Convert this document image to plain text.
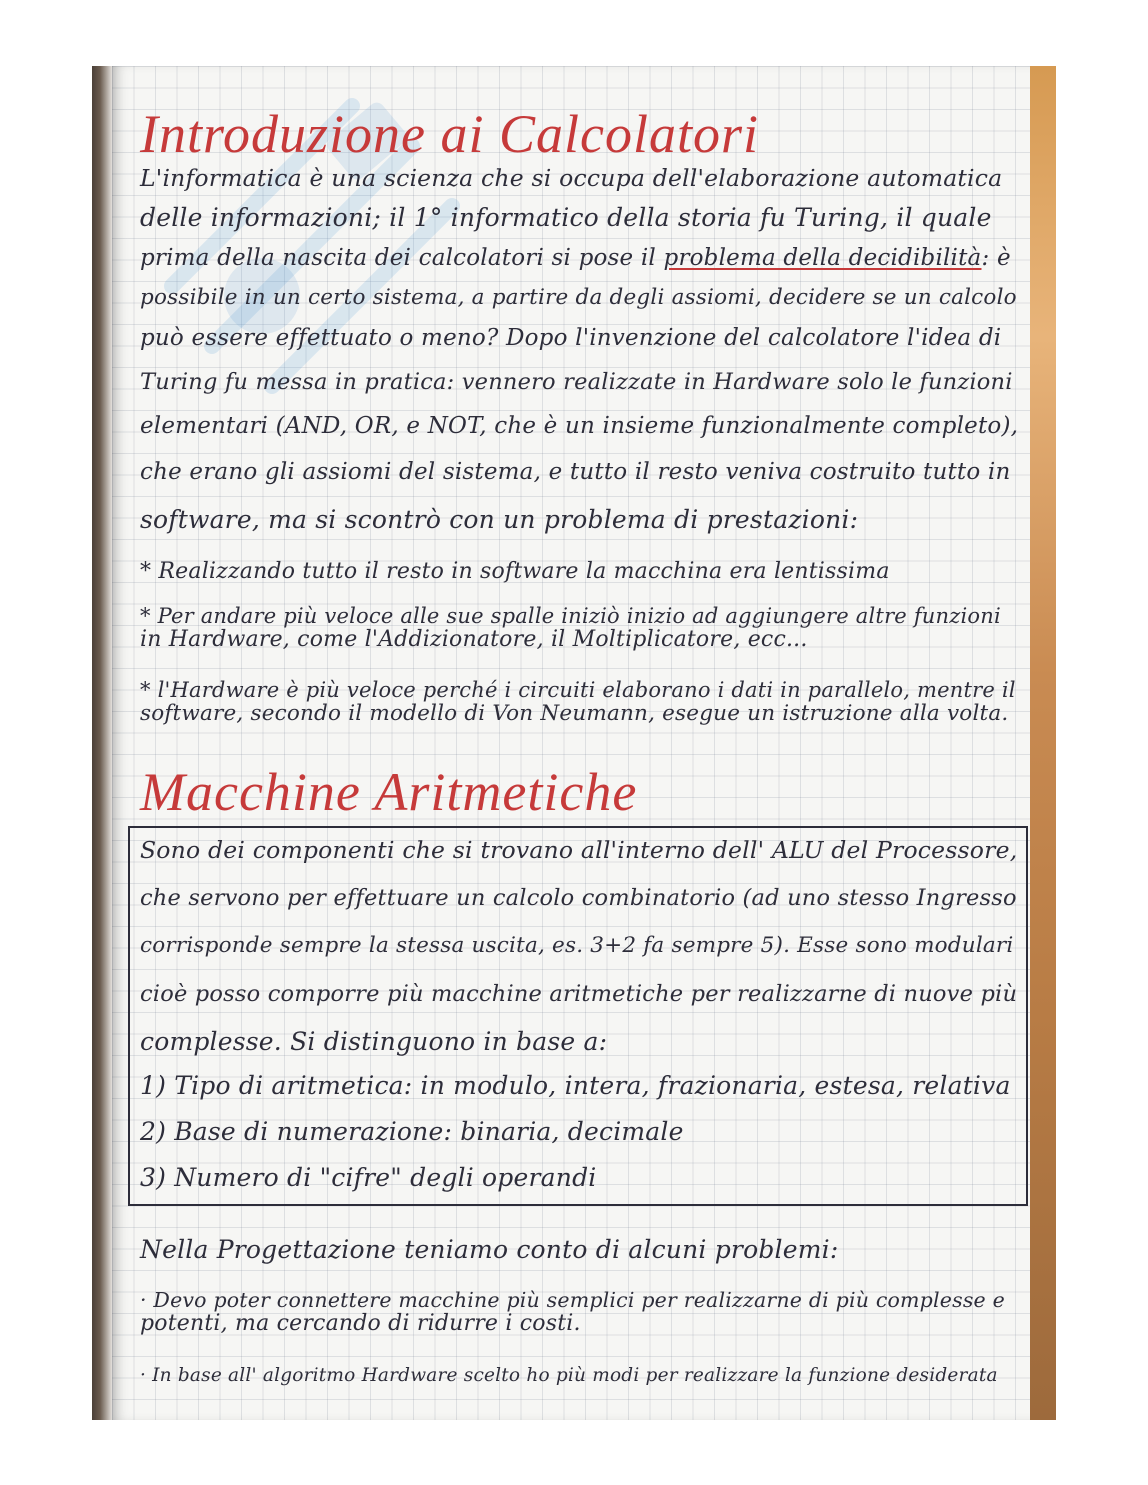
Introduzione ai Calcolatori
L'informatica è una scienza che si occupa dell'elaborazione automatica
delle informazioni; il 1° informatico della storia fu Turing, il quale
prima della nascita dei calcolatori si pose il problema della decidibilità: è
possibile in un certo sistema, a partire da degli assiomi, decidere se un calcolo
può essere effettuato o meno? Dopo l'invenzione del calcolatore l'idea di
Turing fu messa in pratica: vennero realizzate in Hardware solo le funzioni
elementari (AND, OR, e NOT, che è un insieme funzionalmente completo),
che erano gli assiomi del sistema, e tutto il resto veniva costruito tutto in
software, ma si scontrò con un problema di prestazioni:
* Realizzando tutto il resto in software la macchina era lentissima
* Per andare più veloce alle sue spalle iniziò inizio ad aggiungere altre funzioni
in Hardware, come l'Addizionatore, il Moltiplicatore, ecc...
* l'Hardware è più veloce perché i circuiti elaborano i dati in parallelo, mentre il
software, secondo il modello di Von Neumann, esegue un istruzione alla volta.
Macchine Aritmetiche
Sono dei componenti che si trovano all'interno dell' ALU del Processore,
che servono per effettuare un calcolo combinatorio (ad uno stesso Ingresso
corrisponde sempre la stessa uscita, es. 3+2 fa sempre 5). Esse sono modulari
cioè posso comporre più macchine aritmetiche per realizzarne di nuove più
complesse. Si distinguono in base a:
1) Tipo di aritmetica: in modulo, intera, frazionaria, estesa, relativa
2) Base di numerazione: binaria, decimale
3) Numero di "cifre" degli operandi
Nella Progettazione teniamo conto di alcuni problemi:
· Devo poter connettere macchine più semplici per realizzarne di più complesse e
potenti, ma cercando di ridurre i costi.
· In base all' algoritmo Hardware scelto ho più modi per realizzare la funzione desiderata
